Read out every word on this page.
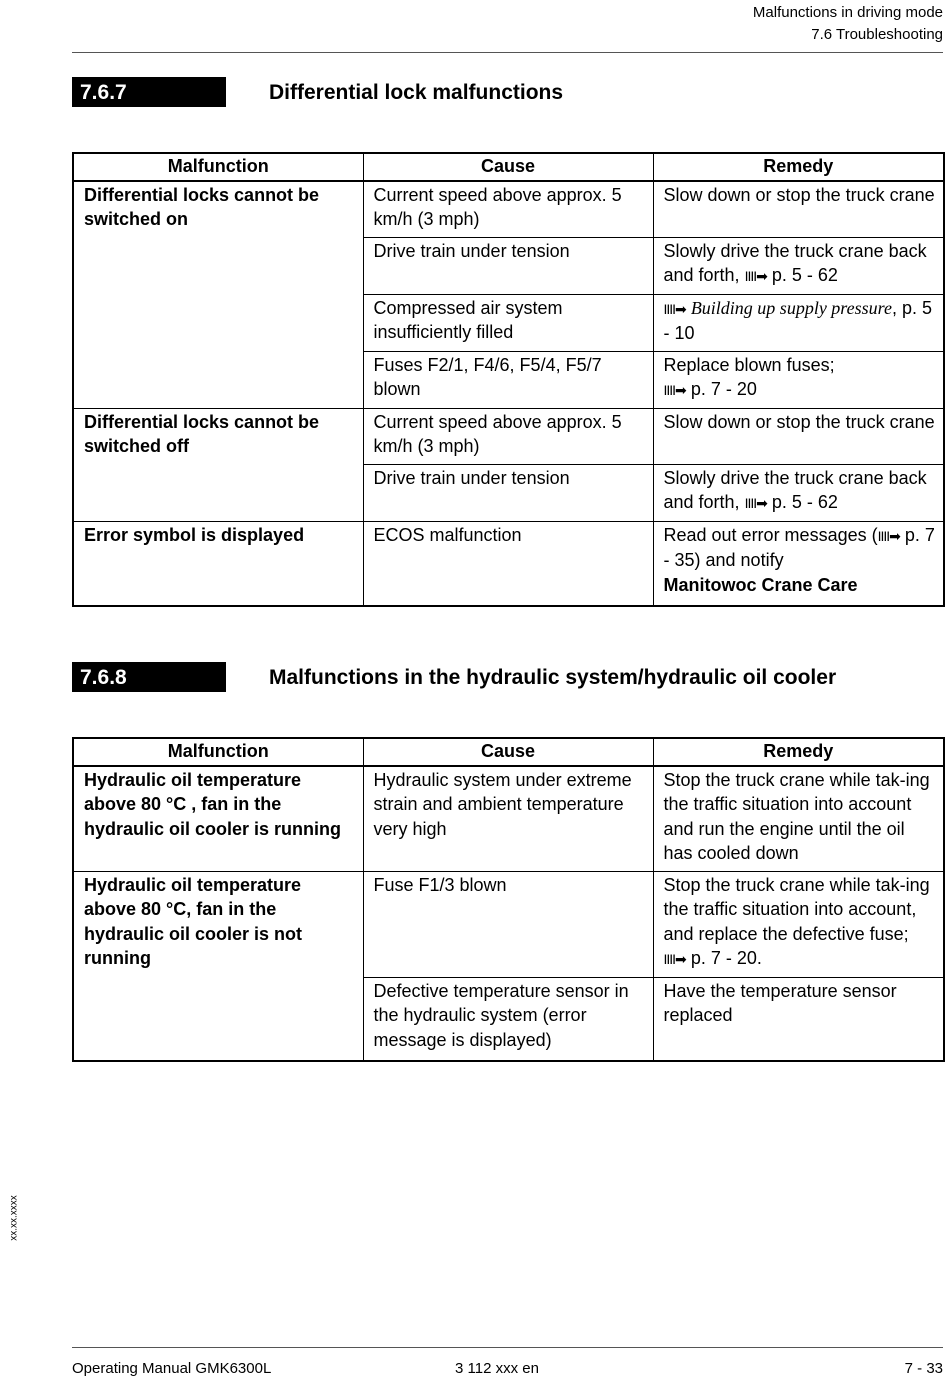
Malfunctions in driving mode
7.6 Troubleshooting
7.6.7	Differential lock malfunctions
Malfunction	Cause	Remedy
Differential locks cannot be switched on	Current speed above approx. 5 km/h (3 mph)	Slow down or stop the truck crane
	Drive train under tension	Slowly drive the truck crane back and forth, IIII➡ p. 5 - 62
	Compressed air system insufficiently filled	IIII➡ Building up supply pressure, p. 5 - 10
	Fuses F2/1, F4/6, F5/4, F5/7 blown	Replace blown fuses;
IIII➡ p. 7 - 20
Differential locks cannot be switched off	Current speed above approx. 5 km/h (3 mph)	Slow down or stop the truck crane
	Drive train under tension	Slowly drive the truck crane back and forth, IIII➡ p. 5 - 62
Error symbol is displayed	ECOS malfunction	Read out error messages (IIII➡ p. 7 - 35) and notify
Manitowoc Crane Care
7.6.8	Malfunctions in the hydraulic system/hydraulic oil cooler
Malfunction	Cause	Remedy
Hydraulic oil temperature above 80 °C , fan in the hydraulic oil cooler is running	Hydraulic system under extreme strain and ambient temperature very high	Stop the truck crane while tak-ing the traffic situation into account and run the engine until the oil has cooled down
Hydraulic oil temperature above 80 °C, fan in the hydraulic oil cooler is not running	Fuse F1/3 blown	Stop the truck crane while tak-ing the traffic situation into account, and replace the defective fuse; IIII➡ p. 7 - 20.
	Defective temperature sensor in the hydraulic system (error message is displayed)	Have the temperature sensor replaced
xx.xx.xxxx
Operating Manual GMK6300L	3 112 xxx en	7 - 33
